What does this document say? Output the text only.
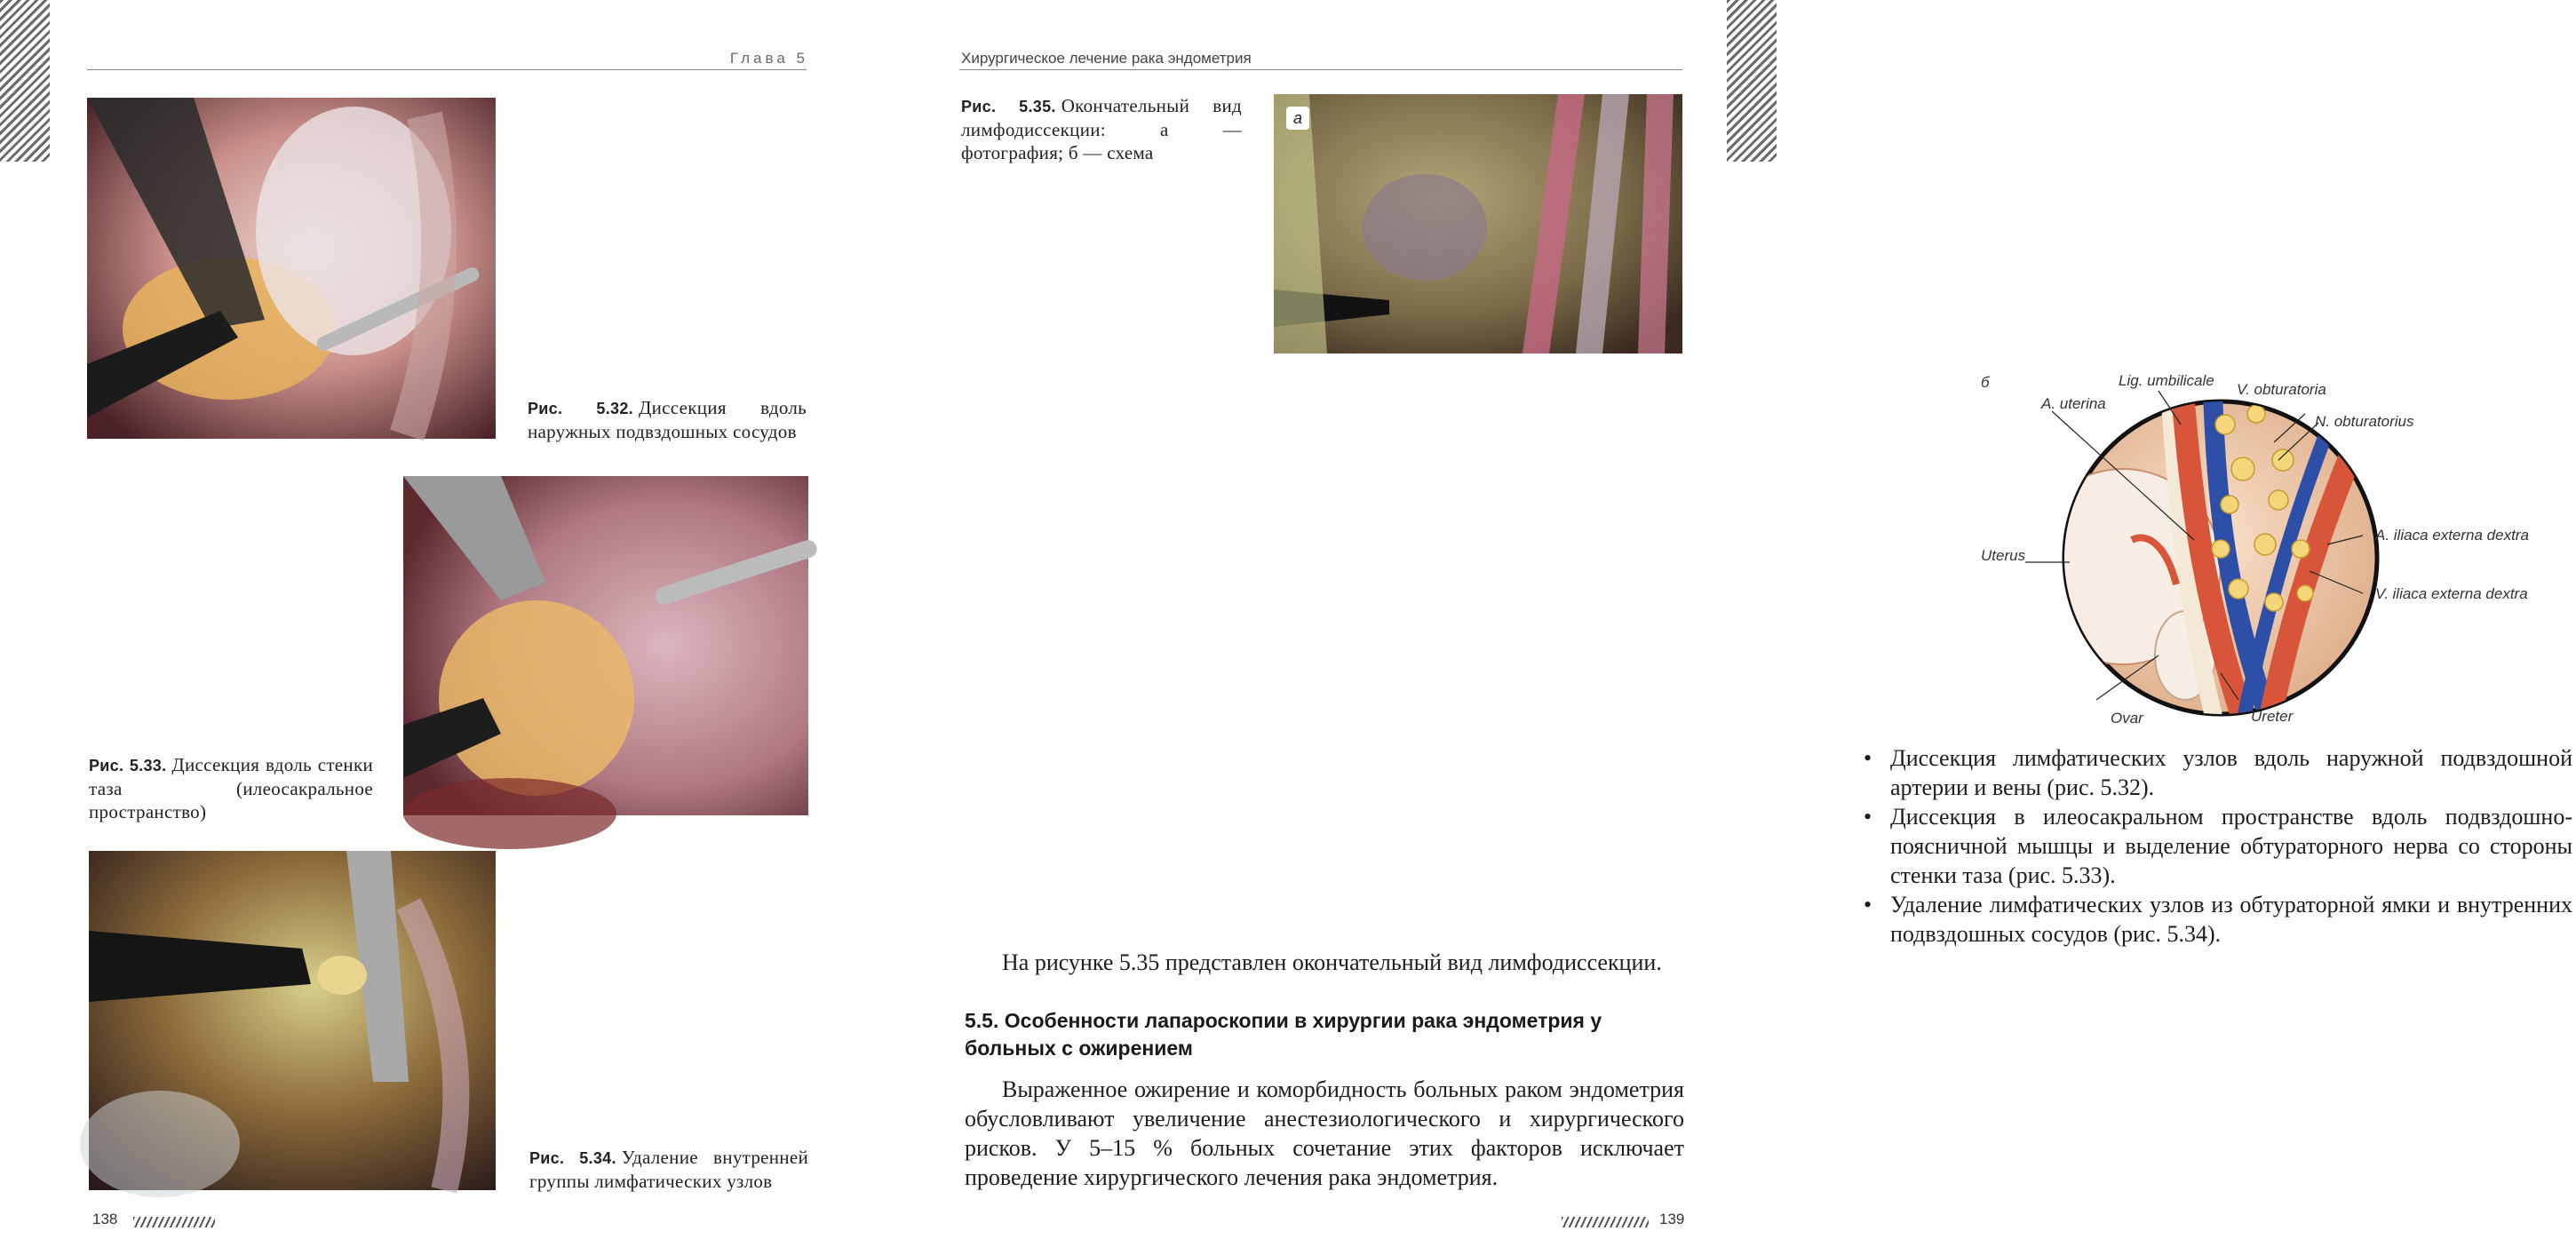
Глава 5
Рис. 5.32. Диссекция вдоль наружных подвздошных сосудов
Рис. 5.33. Диссекция вдоль стенки таза (илеосакральное пространство)
Рис. 5.34. Удаление внутренней группы лимфатических узлов
138
Хирургическое лечение рака эндометрия
Рис. 5.35. Окончательный вид лимфодиссекции: а — фотография; б — схема
а
б	Lig. umbilicale
V. obturatoria
A. uterina
N. obturatorius
Uterus
A. iliaca externa dextra
V. iliaca externa dextra
Ovar	Ureter
• Диссекция лимфатических узлов вдоль наружной подвздошной артерии и вены (рис. 5.32).
• Диссекция в илеосакральном пространстве вдоль подвздошно-поясничной мышцы и выделение обтураторного нерва со стороны стенки таза (рис. 5.33).
• Удаление лимфатических узлов из обтураторной ямки и внутренних подвздошных сосудов (рис. 5.34).
На рисунке 5.35 представлен окончательный вид лимфодиссекции.
5.5. Особенности лапароскопии в хирургии рака эндометрия у больных с ожирением
Выраженное ожирение и коморбидность больных раком эндометрия обусловливают увеличение анестезиологического и хирургического рисков. У 5–15 % больных сочетание этих факторов исключает проведение хирургического лечения рака эндометрия.
139
